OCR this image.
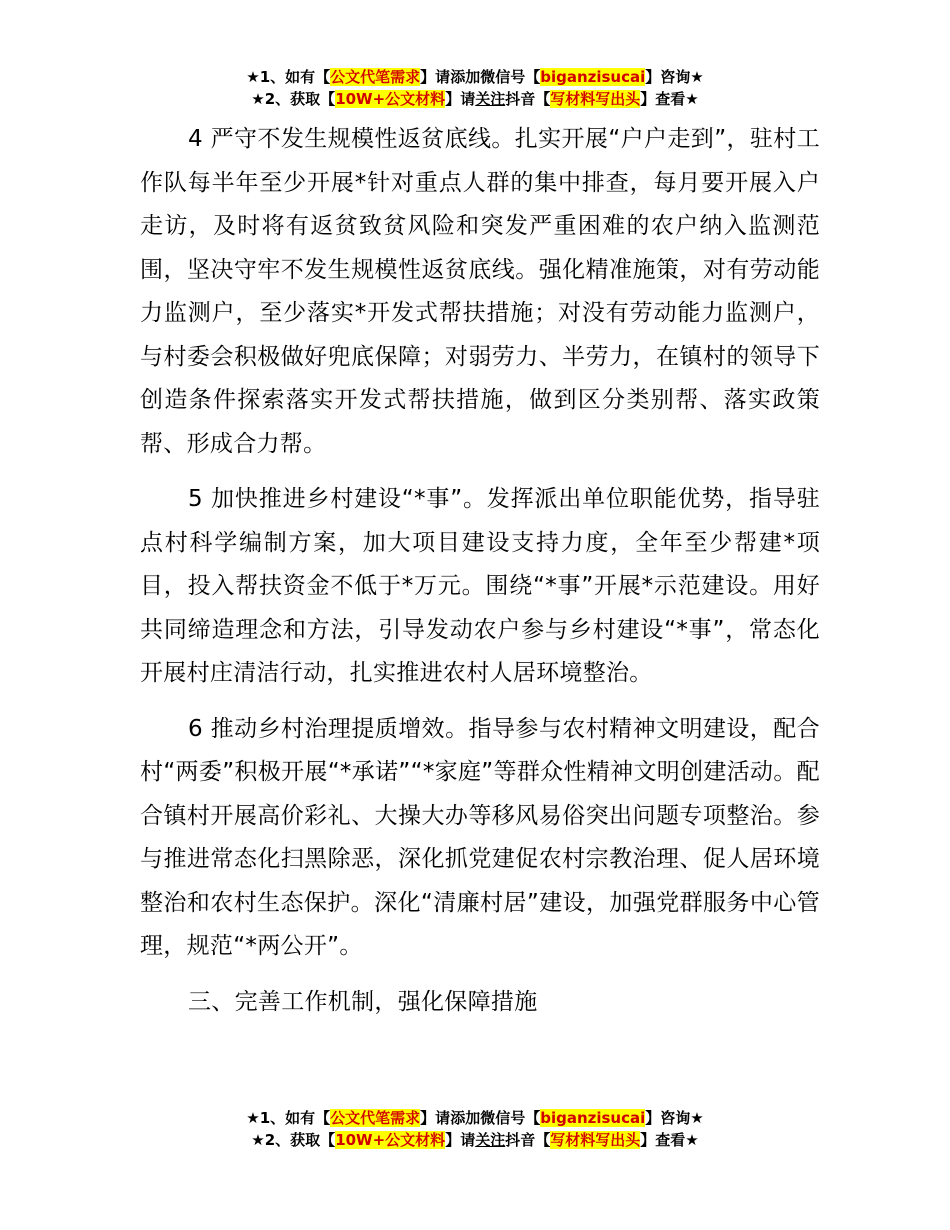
★1、如有【公文代笔需求】请添加微信号【biganzisucai】咨询★
★2、获取【10W+公文材料】请关注抖音【写材料写出头】查看★

4 严守不发生规模性返贫底线。扎实开展“户户走到”，驻村工作队每半年至少开展*针对重点人群的集中排查，每月要开展入户走访，及时将有返贫致贫风险和突发严重困难的农户纳入监测范围，坚决守牢不发生规模性返贫底线。强化精准施策，对有劳动能力监测户，至少落实*开发式帮扶措施；对没有劳动能力监测户，与村委会积极做好兜底保障；对弱劳力、半劳力，在镇村的领导下创造条件探索落实开发式帮扶措施，做到区分类别帮、落实政策帮、形成合力帮。

5 加快推进乡村建设“*事”。发挥派出单位职能优势，指导驻点村科学编制方案，加大项目建设支持力度，全年至少帮建*项目，投入帮扶资金不低于*万元。围绕“*事”开展*示范建设。用好共同缔造理念和方法，引导发动农户参与乡村建设“*事”，常态化开展村庄清洁行动，扎实推进农村人居环境整治。

6 推动乡村治理提质增效。指导参与农村精神文明建设，配合村“两委”积极开展“*承诺”“*家庭”等群众性精神文明创建活动。配合镇村开展高价彩礼、大操大办等移风易俗突出问题专项整治。参与推进常态化扫黑除恶，深化抓党建促农村宗教治理、促人居环境整治和农村生态保护。深化“清廉村居”建设，加强党群服务中心管理，规范“*两公开”。

三、完善工作机制，强化保障措施

★1、如有【公文代笔需求】请添加微信号【biganzisucai】咨询★
★2、获取【10W+公文材料】请关注抖音【写材料写出头】查看★
